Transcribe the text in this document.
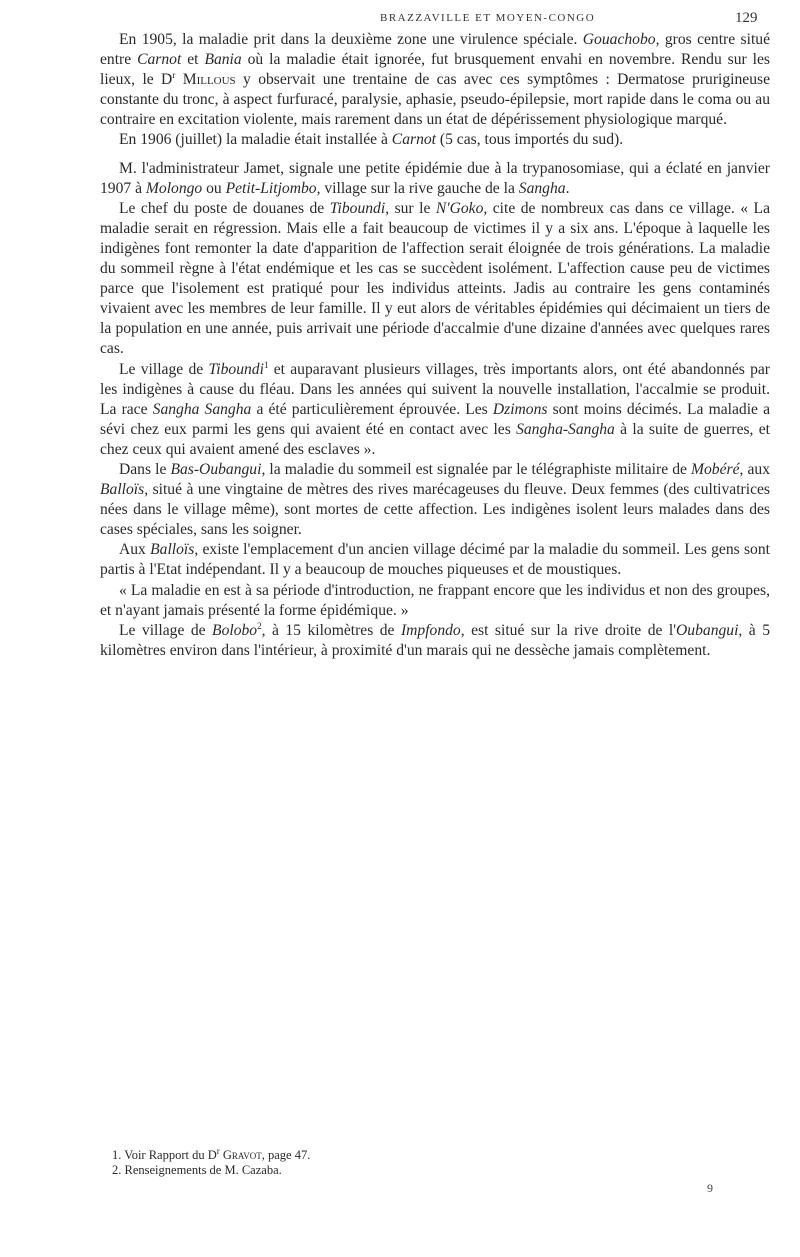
BRAZZAVILLE ET MOYEN-CONGO	129

En 1905, la maladie prit dans la deuxième zone une virulence spéciale. Gouachobo, gros centre situé entre Carnot et Bania où la maladie était ignorée, fut brusquement envahi en novembre. Rendu sur les lieux, le $D^r$ Millous y observait une trentaine de cas avec ces symptômes : Dermatose prurigineuse constante du tronc, à aspect furfuracé, paralysie, aphasie, pseudo-épilepsie, mort rapide dans le coma ou au contraire en excitation violente, mais rarement dans un état de dépérissement physiologique marqué.

En 1906 (juillet) la maladie était installée à Carnot (5 cas, tous importés du sud).

M. l'administrateur Jamet, signale une petite épidémie due à la trypanosomiase, qui a éclaté en janvier 1907 à Molongo ou Petit-Litjombo, village sur la rive gauche de la Sangha.

Le chef du poste de douanes de Tiboundi, sur le N'Goko, cite de nombreux cas dans ce village. « La maladie serait en régression. Mais elle a fait beaucoup de victimes il y a six ans. L'époque à laquelle les indigènes font remonter la date d'apparition de l'affection serait éloignée de trois générations. La maladie du sommeil règne à l'état endémique et les cas se succèdent isolément. L'affection cause peu de victimes parce que l'isolement est pratiqué pour les individus atteints. Jadis au contraire les gens contaminés vivaient avec les membres de leur famille. Il y eut alors de véritables épidémies qui décimaient un tiers de la population en une année, puis arrivait une période d'accalmie d'une dizaine d'années avec quelques rares cas.

Le village de Tiboundi$^1$ et auparavant plusieurs villages, très importants alors, ont été abandonnés par les indigènes à cause du fléau. Dans les années qui suivent la nouvelle installation, l'accalmie se produit. La race Sangha Sangha a été particulièrement éprouvée. Les Dzimons sont moins décimés. La maladie a sévi chez eux parmi les gens qui avaient été en contact avec les Sangha-Sangha à la suite de guerres, et chez ceux qui avaient amené des esclaves ».

Dans le Bas-Oubangui, la maladie du sommeil est signalée par le télégraphiste militaire de Mobéré, aux Balloïs, situé à une vingtaine de mètres des rives marécageuses du fleuve. Deux femmes (des cultivatrices nées dans le village même), sont mortes de cette affection. Les indigènes isolent leurs malades dans des cases spéciales, sans les soigner.

Aux Balloïs, existe l'emplacement d'un ancien village décimé par la maladie du sommeil. Les gens sont partis à l'Etat indépendant. Il y a beaucoup de mouches piqueuses et de moustiques.

« La maladie en est à sa période d'introduction, ne frappant encore que les individus et non des groupes, et n'ayant jamais présenté la forme épidémique. »

Le village de Bolobo$^2$, à 15 kilomètres de Impfondo, est situé sur la rive droite de l'Oubangui, à 5 kilomètres environ dans l'intérieur, à proximité d'un marais qui ne dessèche jamais complètement.

1. Voir Rapport du $D^r$ Gravot, page 47.
2. Renseignements de M. Cazaba.
9
